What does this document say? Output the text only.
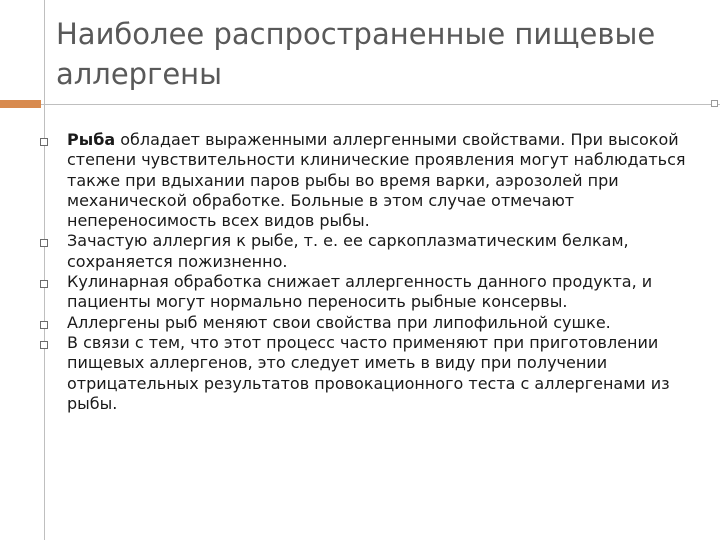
Наиболее распространенные пищевые аллергены
Рыба обладает выраженными аллергенными свойствами. При высокой степени чувствительности клинические проявления могут наблюдаться также при вдыхании паров рыбы во время варки, аэрозолей при механической обработке. Больные в этом случае отмечают непереносимость всех видов рыбы.
Зачастую аллергия к рыбе, т. е. ее саркоплазматическим белкам, сохраняется пожизненно.
Кулинарная обработка снижает аллергенность данного продукта, и пациенты могут нормально переносить рыбные консервы.
Аллергены рыб меняют свои свойства при липофильной сушке.
В связи с тем, что этот процесс часто применяют при приготовлении пищевых аллергенов, это следует иметь в виду при получении отрицательных результатов провокационного теста с аллергенами из рыбы.
